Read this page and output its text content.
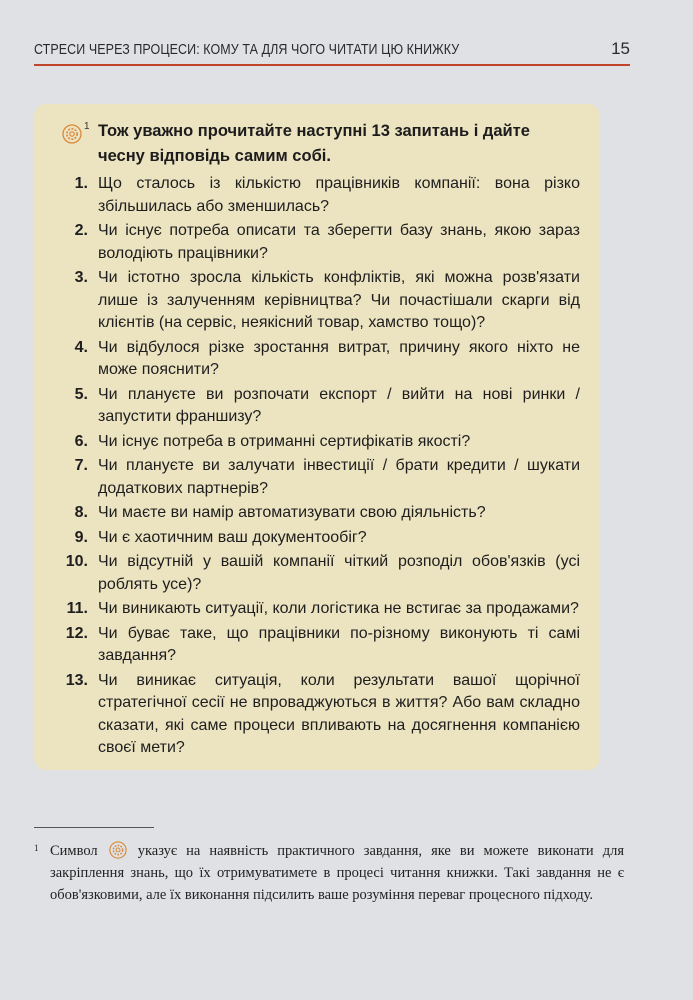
СТРЕСИ ЧЕРЕЗ ПРОЦЕСИ: КОМУ ТА ДЛЯ ЧОГО ЧИТАТИ ЦЮ КНИЖКУ	15
1 Тож уважно прочитайте наступні 13 запитань і дайте чесну відповідь самим собі.
1. Що сталось із кількістю працівників компанії: вона різко збільшилась або зменшилась?
2. Чи існує потреба описати та зберегти базу знань, якою зараз володіють працівники?
3. Чи істотно зросла кількість конфліктів, які можна розв'язати лише із залученням керівництва? Чи почастішали скарги від клієнтів (на сервіс, неякісний товар, хамство тощо)?
4. Чи відбулося різке зростання витрат, причину якого ніхто не може пояснити?
5. Чи плануєте ви розпочати експорт / вийти на нові ринки / запустити франшизу?
6. Чи існує потреба в отриманні сертифікатів якості?
7. Чи плануєте ви залучати інвестиції / брати кредити / шукати додаткових партнерів?
8. Чи маєте ви намір автоматизувати свою діяльність?
9. Чи є хаотичним ваш документообіг?
10. Чи відсутній у вашій компанії чіткий розподіл обов'язків (усі роблять усе)?
11. Чи виникають ситуації, коли логістика не встигає за продажами?
12. Чи буває таке, що працівники по-різному виконують ті самі завдання?
13. Чи виникає ситуація, коли результати вашої щорічної стратегічної сесії не впроваджуються в життя? Або вам складно сказати, які саме процеси впливають на досягнення компанією своєї мети?
1 Символ	указує на наявність практичного завдання, яке ви можете виконати для закріплення знань, що їх отримуватимете в процесі читання книжки. Такі завдання не є обов'язковими, але їх виконання підсилить ваше розуміння переваг процесного підходу.
